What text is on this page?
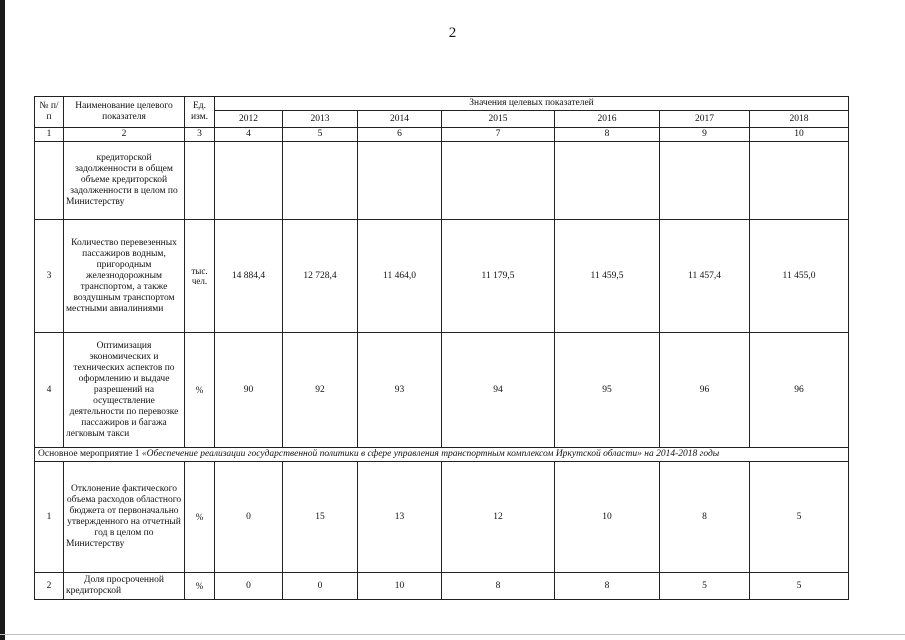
2
№ п/п	Наименование целевого показателя	Ед. изм.	Значения целевых показателей						
			2012	2013	2014	2015	2016	2017	2018
1	2	3	4	5	6	7	8	9	10
	кредиторской задолженности в общем объеме кредиторской задолженности в целом по Министерству								
3	Количество перевезенных пассажиров водным, пригородным железнодорожным транспортом, а также воздушным транспортом местными авиалиниями	тыс. чел.	14 884,4	12 728,4	11 464,0	11 179,5	11 459,5	11 457,4	11 455,0
4	Оптимизация экономических и технических аспектов по оформлению и выдаче разрешений на осуществление деятельности по перевозке пассажиров и багажа легковым такси	%	90	92	93	94	95	96	96
Основное мероприятие 1 «Обеспечение реализации государственной политики в сфере управления транспортным комплексом Иркутской области» на 2014-2018 годы									
1	Отклонение фактического объема расходов областного бюджета от первоначально утвержденного на отчетный год в целом по Министерству	%	0	15	13	12	10	8	5
2	Доля просроченной кредиторской	%	0	0	10	8	8	5	5
